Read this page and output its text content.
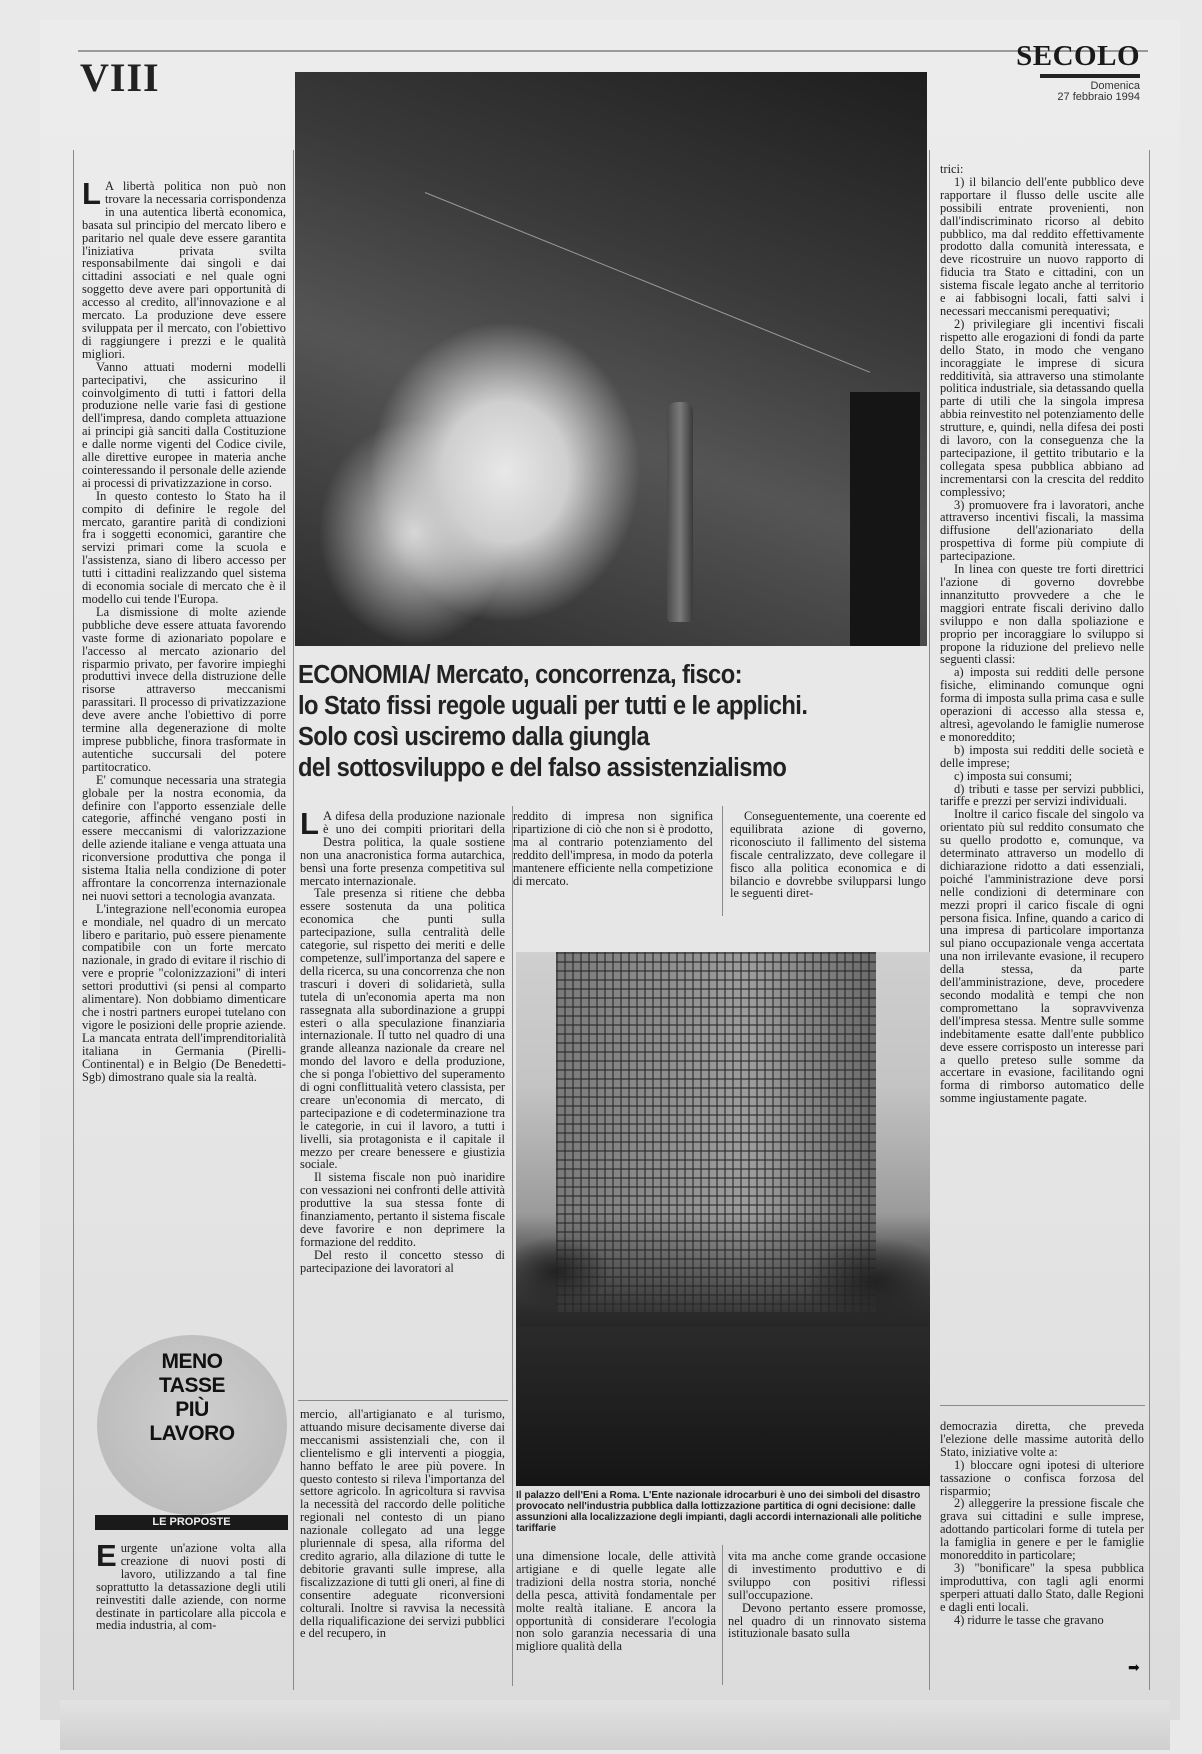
VIII	SECOLO
Domenica
27 febbraio 1994

L A libertà politica non può non trovare la necessaria corrispondenza in una autentica libertà economica, basata sul principio del mercato libero e paritario nel quale deve essere garantita l'iniziativa privata svilta responsabilmente dai singoli e dai cittadini associati e nel quale ogni soggetto deve avere pari opportunità di accesso al credito, all'innovazione e al mercato. La produzione deve essere sviluppata per il mercato, con l'obiettivo di raggiungere i prezzi e le qualità migliori.

Vanno attuati moderni modelli partecipativi, che assicurino il coinvolgimento di tutti i fattori della produzione nelle varie fasi di gestione dell'impresa, dando completa attuazione ai principi già sanciti dalla Costituzione e dalle norme vigenti del Codice civile, alle direttive europee in materia anche cointeressando il personale delle aziende ai processi di privatizzazione in corso.

In questo contesto lo Stato ha il compito di definire le regole del mercato, garantire parità di condizioni fra i soggetti economici, garantire che servizi primari come la scuola e l'assistenza, siano di libero accesso per tutti i cittadini realizzando quel sistema di economia sociale di mercato che è il modello cui tende l'Europa.

La dismissione di molte aziende pubbliche deve essere attuata favorendo vaste forme di azionariato popolare e l'accesso al mercato azionario del risparmio privato, per favorire impieghi produttivi invece della distruzione delle risorse attraverso meccanismi parassitari. Il processo di privatizzazione deve avere anche l'obiettivo di porre termine alla degenerazione di molte imprese pubbliche, finora trasformate in autentiche succursali del potere partitocratico.

E' comunque necessaria una strategia globale per la nostra economia, da definire con l'apporto essenziale delle categorie, affinché vengano posti in essere meccanismi di valorizzazione delle aziende italiane e venga attuata una riconversione produttiva che ponga il sistema Italia nella condizione di poter affrontare la concorrenza internazionale nei nuovi settori a tecnologia avanzata.

L'integrazione nell'economia europea e mondiale, nel quadro di un mercato libero e paritario, può essere pienamente compatibile con un forte mercato nazionale, in grado di evitare il rischio di vere e proprie "colonizzazioni" di interi settori produttivi (si pensi al comparto alimentare). Non dobbiamo dimenticare che i nostri partners europei tutelano con vigore le posizioni delle proprie aziende. La mancata entrata dell'imprenditorialità italiana in Germania (Pirelli-Continental) e in Belgio (De Benedetti-Sgb) dimostrano quale sia la realtà.

MENO
TASSE
PIÙ
LAVORO
LE PROPOSTE

Eurgente un'azione volta alla creazione di nuovi posti di lavoro, utilizzando a tal fine soprattutto la detassazione degli utili reinvestiti dalle aziende, con norme destinate in particolare alla piccola e media industria, al com-

ECONOMIA/ Mercato, concorrenza, fisco:
lo Stato fissi regole uguali per tutti e le applichi.
Solo così usciremo dalla giungla
del sottosviluppo e del falso assistenzialismo

L A difesa della produzione nazionale è uno dei compiti prioritari della Destra politica, la quale sostiene non una anacronistica forma autarchica, bensì una forte presenza competitiva sul mercato internazionale.

Tale presenza si ritiene che debba essere sostenuta da una politica economica che punti sulla partecipazione, sulla centralità delle categorie, sul rispetto dei meriti e delle competenze, sull'importanza del sapere e della ricerca, su una concorrenza che non trascuri i doveri di solidarietà, sulla tutela di un'economia aperta ma non rassegnata alla subordinazione a gruppi esteri o alla speculazione finanziaria internazionale. Il tutto nel quadro di una grande alleanza nazionale da creare nel mondo del lavoro e della produzione, che si ponga l'obiettivo del superamento di ogni conflittualità vetero classista, per creare un'economia di mercato, di partecipazione e di codeterminazione tra le categorie, in cui il lavoro, a tutti i livelli, sia protagonista e il capitale il mezzo per creare benessere e giustizia sociale.

Il sistema fiscale non può inaridire con vessazioni nei confronti delle attività produttive la sua stessa fonte di finanziamento, pertanto il sistema fiscale deve favorire e non deprimere la formazione del reddito.

Del resto il concetto stesso di partecipazione dei lavoratori al

reddito di impresa non significa ripartizione di ciò che non si è prodotto, ma al contrario potenziamento del reddito dell'impresa, in modo da poterla mantenere efficiente nella competizione di mercato.

Conseguentemente, una coerente ed equilibrata azione di governo, riconosciuto il fallimento del sistema fiscale centralizzato, deve collegare il fisco alla politica economica e di bilancio e dovrebbe svilupparsi lungo le seguenti diret-

mercio, all'artigianato e al turismo, attuando misure decisamente diverse dai meccanismi assistenziali che, con il clientelismo e gli interventi a pioggia, hanno beffato le aree più povere. In questo contesto si rileva l'importanza del settore agricolo. In agricoltura si ravvisa la necessità del raccordo delle politiche regionali nel contesto di un piano nazionale collegato ad una legge pluriennale di spesa, alla riforma del credito agrario, alla dilazione di tutte le debitorie gravanti sulle imprese, alla fiscalizzazione di tutti gli oneri, al fine di consentire adeguate riconversioni colturali. Inoltre si ravvisa la necessità della riqualificazione dei servizi pubblici e del recupero, in

Il palazzo dell'Eni a Roma. L'Ente nazionale idrocarburi è uno dei simboli del disastro provocato nell'industria pubblica dalla lottizzazione partitica di ogni decisione: dalle assunzioni alla localizzazione degli impianti, dagli accordi internazionali alle politiche tariffarie

una dimensione locale, delle attività artigiane e di quelle legate alle tradizioni della nostra storia, nonché della pesca, attività fondamentale per molte realtà italiane. E ancora la opportunità di considerare l'ecologia non solo garanzia necessaria di una migliore qualità della

vita ma anche come grande occasione di investimento produttivo e di sviluppo con positivi riflessi sull'occupazione.

Devono pertanto essere promosse, nel quadro di un rinnovato sistema istituzionale basato sulla

trici:

1) il bilancio dell'ente pubblico deve rapportare il flusso delle uscite alle possibili entrate provenienti, non dall'indiscriminato ricorso al debito pubblico, ma dal reddito effettivamente prodotto dalla comunità interessata, e deve ricostruire un nuovo rapporto di fiducia tra Stato e cittadini, con un sistema fiscale legato anche al territorio e ai fabbisogni locali, fatti salvi i necessari meccanismi perequativi;

2) privilegiare gli incentivi fiscali rispetto alle erogazioni di fondi da parte dello Stato, in modo che vengano incoraggiate le imprese di sicura redditività, sia attraverso una stimolante politica industriale, sia detassando quella parte di utili che la singola impresa abbia reinvestito nel potenziamento delle strutture, e, quindi, nella difesa dei posti di lavoro, con la conseguenza che la partecipazione, il gettito tributario e la collegata spesa pubblica abbiano ad incrementarsi con la crescita del reddito complessivo;

3) promuovere fra i lavoratori, anche attraverso incentivi fiscali, la massima diffusione dell'azionariato della prospettiva di forme più compiute di partecipazione.

In linea con queste tre forti direttrici l'azione di governo dovrebbe innanzitutto provvedere a che le maggiori entrate fiscali derivino dallo sviluppo e non dalla spoliazione e proprio per incoraggiare lo sviluppo si propone la riduzione del prelievo nelle seguenti classi:

a) imposta sui redditi delle persone fisiche, eliminando comunque ogni forma di imposta sulla prima casa e sulle operazioni di accesso alla stessa e, altresì, agevolando le famiglie numerose e monoreddito;

b) imposta sui redditi delle società e delle imprese;

c) imposta sui consumi;

d) tributi e tasse per servizi pubblici, tariffe e prezzi per servizi individuali.

Inoltre il carico fiscale del singolo va orientato più sul reddito consumato che su quello prodotto e, comunque, va determinato attraverso un modello di dichiarazione ridotto a dati essenziali, poiché l'amministrazione deve porsi nelle condizioni di determinare con mezzi propri il carico fiscale di ogni persona fisica. Infine, quando a carico di una impresa di particolare importanza sul piano occupazionale venga accertata una non irrilevante evasione, il recupero della stessa, da parte dell'amministrazione, deve, procedere secondo modalità e tempi che non compromettano la sopravvivenza dell'impresa stessa. Mentre sulle somme indebitamente esatte dall'ente pubblico deve essere corrisposto un interesse pari a quello preteso sulle somme da accertare in evasione, facilitando ogni forma di rimborso automatico delle somme ingiustamente pagate.

democrazia diretta, che preveda l'elezione delle massime autorità dello Stato, iniziative volte a:

1) bloccare ogni ipotesi di ulteriore tassazione o confisca forzosa del risparmio;

2) alleggerire la pressione fiscale che grava sui cittadini e sulle imprese, adottando particolari forme di tutela per la famiglia in genere e per le famiglie monoreddito in particolare;

3) "bonificare" la spesa pubblica improduttiva, con tagli agli enormi sperperi attuati dallo Stato, dalle Regioni e dagli enti locali.

4) ridurre le tasse che gravano

➡
